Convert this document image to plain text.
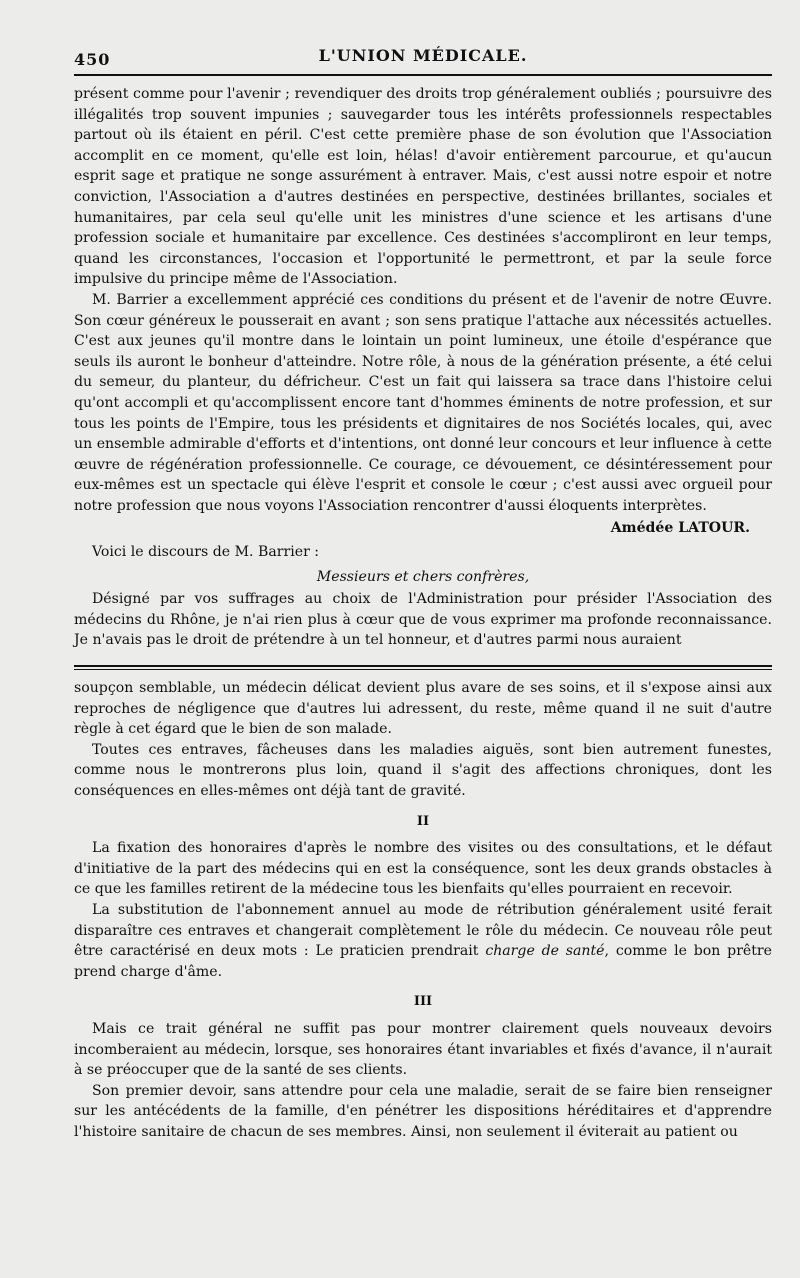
450	L'UNION MÉDICALE.

présent comme pour l'avenir ; revendiquer des droits trop généralement oubliés ; poursuivre des illégalités trop souvent impunies ; sauvegarder tous les intérêts professionnels respectables partout où ils étaient en péril. C'est cette première phase de son évolution que l'Association accomplit en ce moment, qu'elle est loin, hélas! d'avoir entièrement parcourue, et qu'aucun esprit sage et pratique ne songe assurément à entraver. Mais, c'est aussi notre espoir et notre conviction, l'Association a d'autres destinées en perspective, destinées brillantes, sociales et humanitaires, par cela seul qu'elle unit les ministres d'une science et les artisans d'une profession sociale et humanitaire par excellence. Ces destinées s'accompliront en leur temps, quand les circonstances, l'occasion et l'opportunité le permettront, et par la seule force impulsive du principe même de l'Association.

M. Barrier a excellemment apprécié ces conditions du présent et de l'avenir de notre Œuvre. Son cœur généreux le pousserait en avant ; son sens pratique l'attache aux nécessités actuelles. C'est aux jeunes qu'il montre dans le lointain un point lumineux, une étoile d'espérance que seuls ils auront le bonheur d'atteindre. Notre rôle, à nous de la génération présente, a été celui du semeur, du planteur, du défricheur. C'est un fait qui laissera sa trace dans l'histoire celui qu'ont accompli et qu'accomplissent encore tant d'hommes éminents de notre profession, et sur tous les points de l'Empire, tous les présidents et dignitaires de nos Sociétés locales, qui, avec un ensemble admirable d'efforts et d'intentions, ont donné leur concours et leur influence à cette œuvre de régénération professionnelle. Ce courage, ce dévouement, ce désintéressement pour eux-mêmes est un spectacle qui élève l'esprit et console le cœur ; c'est aussi avec orgueil pour notre profession que nous voyons l'Association rencontrer d'aussi éloquents interprètes.

Amédée LATOUR.

Voici le discours de M. Barrier :

Messieurs et chers confrères,

Désigné par vos suffrages au choix de l'Administration pour présider l'Association des médecins du Rhône, je n'ai rien plus à cœur que de vous exprimer ma profonde reconnaissance. Je n'avais pas le droit de prétendre à un tel honneur, et d'autres parmi nous auraient

soupçon semblable, un médecin délicat devient plus avare de ses soins, et il s'expose ainsi aux reproches de négligence que d'autres lui adressent, du reste, même quand il ne suit d'autre règle à cet égard que le bien de son malade.

Toutes ces entraves, fâcheuses dans les maladies aiguës, sont bien autrement funestes, comme nous le montrerons plus loin, quand il s'agit des affections chroniques, dont les conséquences en elles-mêmes ont déjà tant de gravité.

II

La fixation des honoraires d'après le nombre des visites ou des consultations, et le défaut d'initiative de la part des médecins qui en est la conséquence, sont les deux grands obstacles à ce que les familles retirent de la médecine tous les bienfaits qu'elles pourraient en recevoir.

La substitution de l'abonnement annuel au mode de rétribution généralement usité ferait disparaître ces entraves et changerait complètement le rôle du médecin. Ce nouveau rôle peut être caractérisé en deux mots : Le praticien prendrait charge de santé, comme le bon prêtre prend charge d'âme.

III

Mais ce trait général ne suffit pas pour montrer clairement quels nouveaux devoirs incomberaient au médecin, lorsque, ses honoraires étant invariables et fixés d'avance, il n'aurait à se préoccuper que de la santé de ses clients.

Son premier devoir, sans attendre pour cela une maladie, serait de se faire bien renseigner sur les antécédents de la famille, d'en pénétrer les dispositions héréditaires et d'apprendre l'histoire sanitaire de chacun de ses membres. Ainsi, non seulement il éviterait au patient ou
